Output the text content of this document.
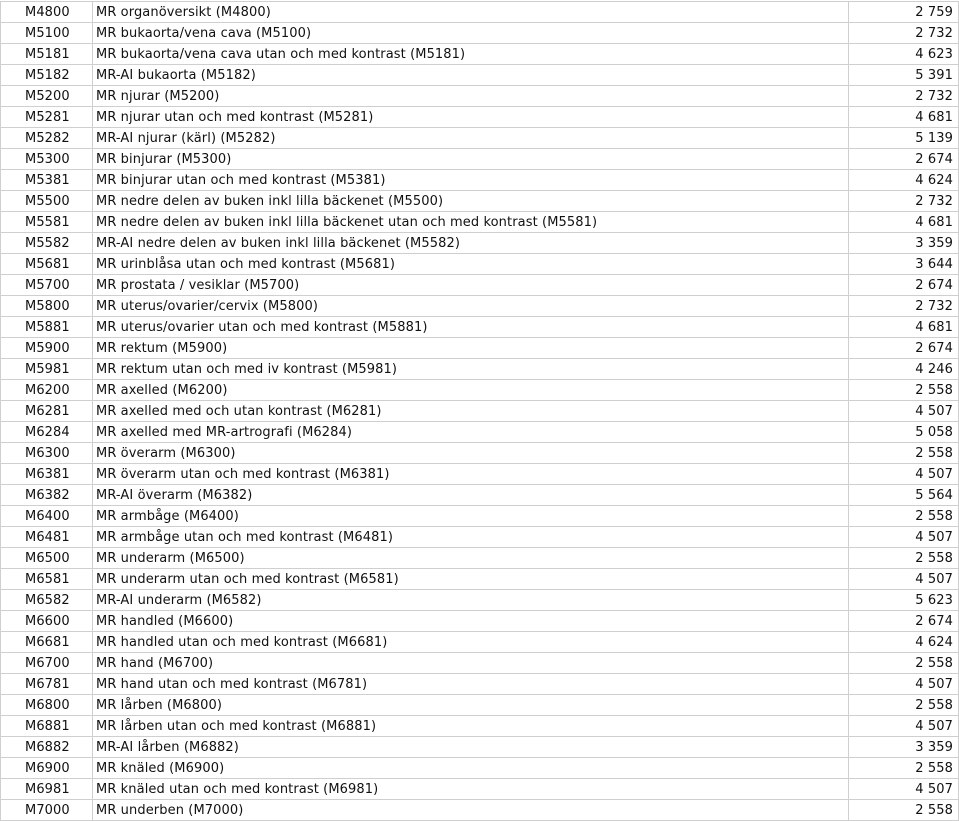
M4800	MR organöversikt (M4800)	2 759
M5100	MR bukaorta/vena cava (M5100)	2 732
M5181	MR bukaorta/vena cava utan och med kontrast (M5181)	4 623
M5182	MR-AI bukaorta (M5182)	5 391
M5200	MR njurar (M5200)	2 732
M5281	MR njurar utan och med kontrast (M5281)	4 681
M5282	MR-AI njurar (kärl) (M5282)	5 139
M5300	MR binjurar (M5300)	2 674
M5381	MR binjurar utan och med kontrast (M5381)	4 624
M5500	MR nedre delen av buken inkl lilla bäckenet (M5500)	2 732
M5581	MR nedre delen av buken inkl lilla bäckenet utan och med kontrast (M5581)	4 681
M5582	MR-AI nedre delen av buken inkl lilla bäckenet (M5582)	3 359
M5681	MR urinblåsa utan och med kontrast (M5681)	3 644
M5700	MR prostata / vesiklar (M5700)	2 674
M5800	MR uterus/ovarier/cervix (M5800)	2 732
M5881	MR uterus/ovarier utan och med kontrast (M5881)	4 681
M5900	MR rektum (M5900)	2 674
M5981	MR rektum utan och med iv kontrast (M5981)	4 246
M6200	MR axelled (M6200)	2 558
M6281	MR axelled med och utan kontrast (M6281)	4 507
M6284	MR axelled med MR-artrografi (M6284)	5 058
M6300	MR överarm (M6300)	2 558
M6381	MR överarm utan och med kontrast (M6381)	4 507
M6382	MR-AI överarm (M6382)	5 564
M6400	MR armbåge (M6400)	2 558
M6481	MR armbåge utan och med kontrast (M6481)	4 507
M6500	MR underarm (M6500)	2 558
M6581	MR underarm utan och med kontrast (M6581)	4 507
M6582	MR-AI underarm (M6582)	5 623
M6600	MR handled (M6600)	2 674
M6681	MR handled utan och med kontrast (M6681)	4 624
M6700	MR hand (M6700)	2 558
M6781	MR hand utan och med kontrast (M6781)	4 507
M6800	MR lårben (M6800)	2 558
M6881	MR lårben utan och med kontrast (M6881)	4 507
M6882	MR-AI lårben (M6882)	3 359
M6900	MR knäled (M6900)	2 558
M6981	MR knäled utan och med kontrast (M6981)	4 507
M7000	MR underben (M7000)	2 558
